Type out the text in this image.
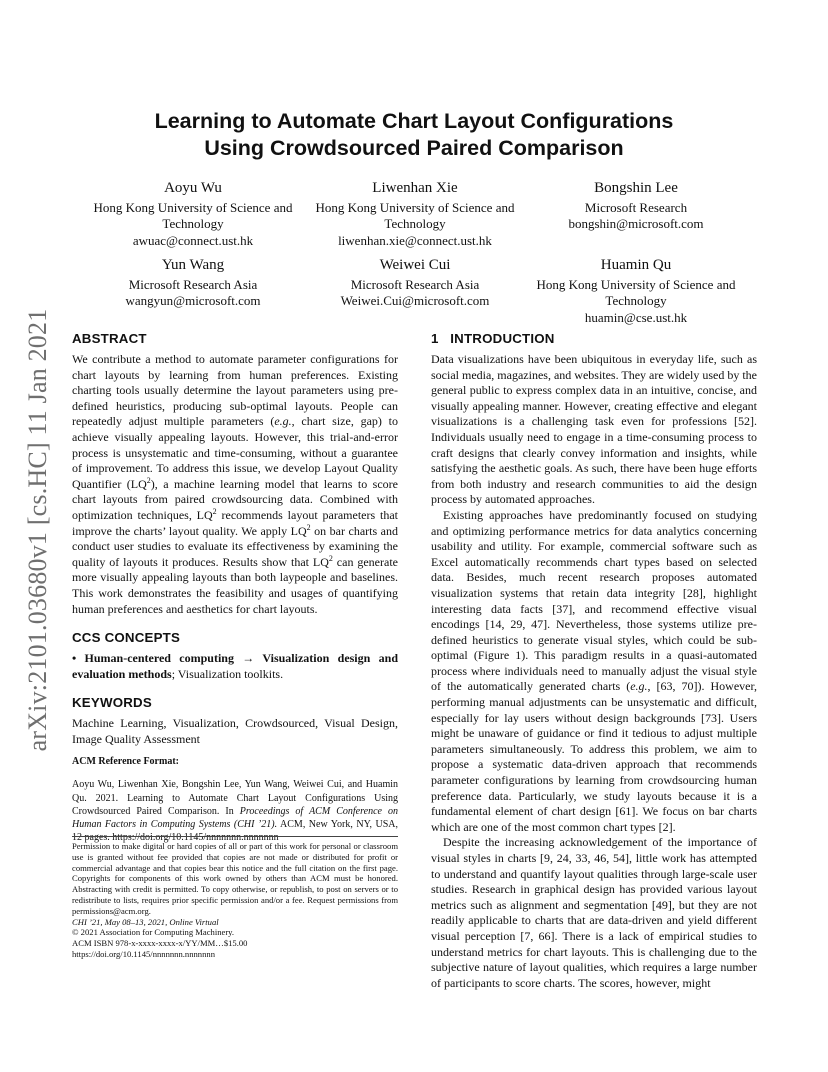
arXiv:2101.03680v1 [cs.HC] 11 Jan 2021
Learning to Automate Chart Layout Configurations
Using Crowdsourced Paired Comparison
Aoyu Wu
Hong Kong University of Science and
Technology
awuac@connect.ust.hk
Liwenhan Xie
Hong Kong University of Science and
Technology
liwenhan.xie@connect.ust.hk
Bongshin Lee
Microsoft Research
bongshin@microsoft.com
Yun Wang
Microsoft Research Asia
wangyun@microsoft.com
Weiwei Cui
Microsoft Research Asia
Weiwei.Cui@microsoft.com
Huamin Qu
Hong Kong University of Science and
Technology
huamin@cse.ust.hk
ABSTRACT

We contribute a method to automate parameter configurations for chart layouts by learning from human preferences. Existing charting tools usually determine the layout parameters using pre-defined heuristics, producing sub-optimal layouts. People can repeatedly adjust multiple parameters (e.g., chart size, gap) to achieve visually appealing layouts. However, this trial-and-error process is unsystematic and time-consuming, without a guarantee of improvement. To address this issue, we develop Layout Quality Quantifier $(LQ^2)$, a machine learning model that learns to score chart layouts from paired crowdsourcing data. Combined with optimization techniques, $LQ^2$ recommends layout parameters that improve the charts’ layout quality. We apply $LQ^2$ on bar charts and conduct user studies to evaluate its effectiveness by examining the quality of layouts it produces. Results show that $LQ^2$ can generate more visually appealing layouts than both laypeople and baselines. This work demonstrates the feasibility and usages of quantifying human preferences and aesthetics for chart layouts.

CCS CONCEPTS

• Human-centered computing → Visualization design and evaluation methods; Visualization toolkits.

KEYWORDS

Machine Learning, Visualization, Crowdsourced, Visual Design, Image Quality Assessment

ACM Reference Format:

Aoyu Wu, Liwenhan Xie, Bongshin Lee, Yun Wang, Weiwei Cui, and Huamin Qu. 2021. Learning to Automate Chart Layout Configurations Using Crowdsourced Paired Comparison. In Proceedings of ACM Conference on Human Factors in Computing Systems (CHI ’21). ACM, New York, NY, USA, 12 pages. https://doi.org/10.1145/nnnnnnn.nnnnnnn

Permission to make digital or hard copies of all or part of this work for personal or classroom use is granted without fee provided that copies are not made or distributed for profit or commercial advantage and that copies bear this notice and the full citation on the first page. Copyrights for components of this work owned by others than ACM must be honored. Abstracting with credit is permitted. To copy otherwise, or republish, to post on servers or to redistribute to lists, requires prior specific permission and/or a fee. Request permissions from permissions@acm.org.

CHI ’21, May 08–13, 2021, Online Virtual
© 2021 Association for Computing Machinery.
ACM ISBN 978-x-xxxx-xxxx-x/YY/MM…$15.00
https://doi.org/10.1145/nnnnnnn.nnnnnnn
1   INTRODUCTION

Data visualizations have been ubiquitous in everyday life, such as social media, magazines, and websites. They are widely used by the general public to express complex data in an intuitive, concise, and visually appealing manner. However, creating effective and elegant visualizations is a challenging task even for professions [52]. Individuals usually need to engage in a time-consuming process to craft designs that clearly convey information and insights, while satisfying the aesthetic goals. As such, there have been huge efforts from both industry and research communities to aid the design process by automated approaches.

Existing approaches have predominantly focused on studying and optimizing performance metrics for data analytics concerning usability and utility. For example, commercial software such as Excel automatically recommends chart types based on selected data. Besides, much recent research proposes automated visualization systems that retain data integrity [28], highlight interesting data facts [37], and recommend effective visual encodings [14, 29, 47]. Nevertheless, those systems utilize pre-defined heuristics to generate visual styles, which could be sub-optimal (Figure 1). This paradigm results in a quasi-automated process where individuals need to manually adjust the visual style of the automatically generated charts (e.g., [63, 70]). However, performing manual adjustments can be unsystematic and difficult, especially for lay users without design backgrounds [73]. Users might be unaware of guidance or find it tedious to adjust multiple parameters simultaneously. To address this problem, we aim to propose a systematic data-driven approach that recommends parameter configurations by learning from crowdsourcing human preference data. Particularly, we study layouts because it is a fundamental element of chart design [61]. We focus on bar charts which are one of the most common chart types [2].

Despite the increasing acknowledgement of the importance of visual styles in charts [9, 24, 33, 46, 54], little work has attempted to understand and quantify layout qualities through large-scale user studies. Research in graphical design has provided various layout metrics such as alignment and segmentation [49], but they are not readily applicable to charts that are data-driven and yield different visual perception [7, 66]. There is a lack of empirical studies to understand metrics for chart layouts. This is challenging due to the subjective nature of layout qualities, which requires a large number of participants to score charts. The scores, however, might
